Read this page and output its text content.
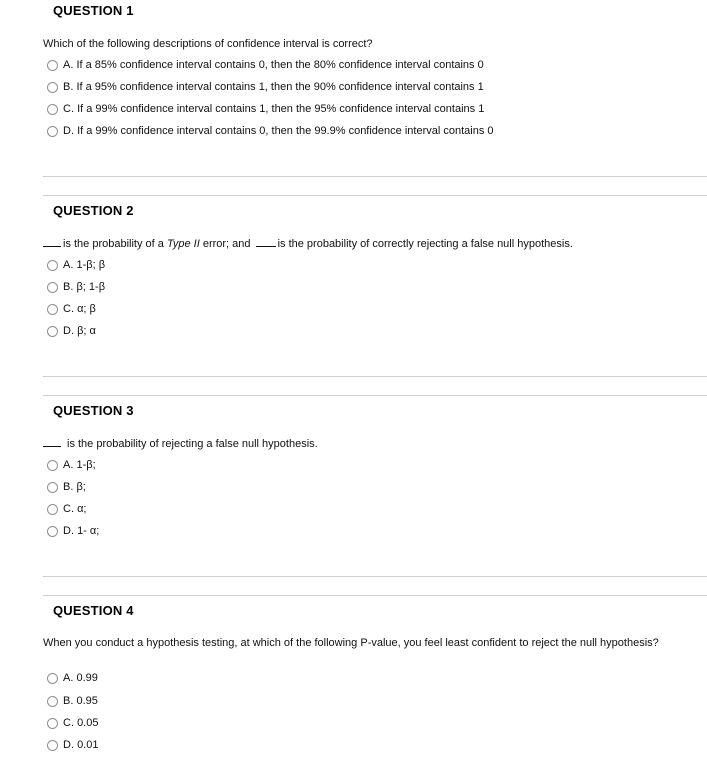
QUESTION 1
Which of the following descriptions of confidence interval is correct?
A.
If a 85% confidence interval contains 0, then the 80% confidence interval contains 0
B.
If a 95% confidence interval contains 1, then the 90% confidence interval contains 1
C.
If a 99% confidence interval contains 1, then the 95% confidence interval contains 1
D.
If a 99% confidence interval contains 0, then the 99.9% confidence interval contains 0
QUESTION 2
is the probability of a Type II error; and is the probability of correctly rejecting a false null hypothesis.
A.
1-β; β
B.
β; 1-β
C.
α; β
D.
β; α
QUESTION 3
is the probability of rejecting a false null hypothesis.
A.
1-β;
B.
β;
C.
α;
D.
1- α;
QUESTION 4
When you conduct a hypothesis testing, at which of the following P-value, you feel least confident to reject the null hypothesis?
A.
0.99
B.
0.95
C.
0.05
D.
0.01
